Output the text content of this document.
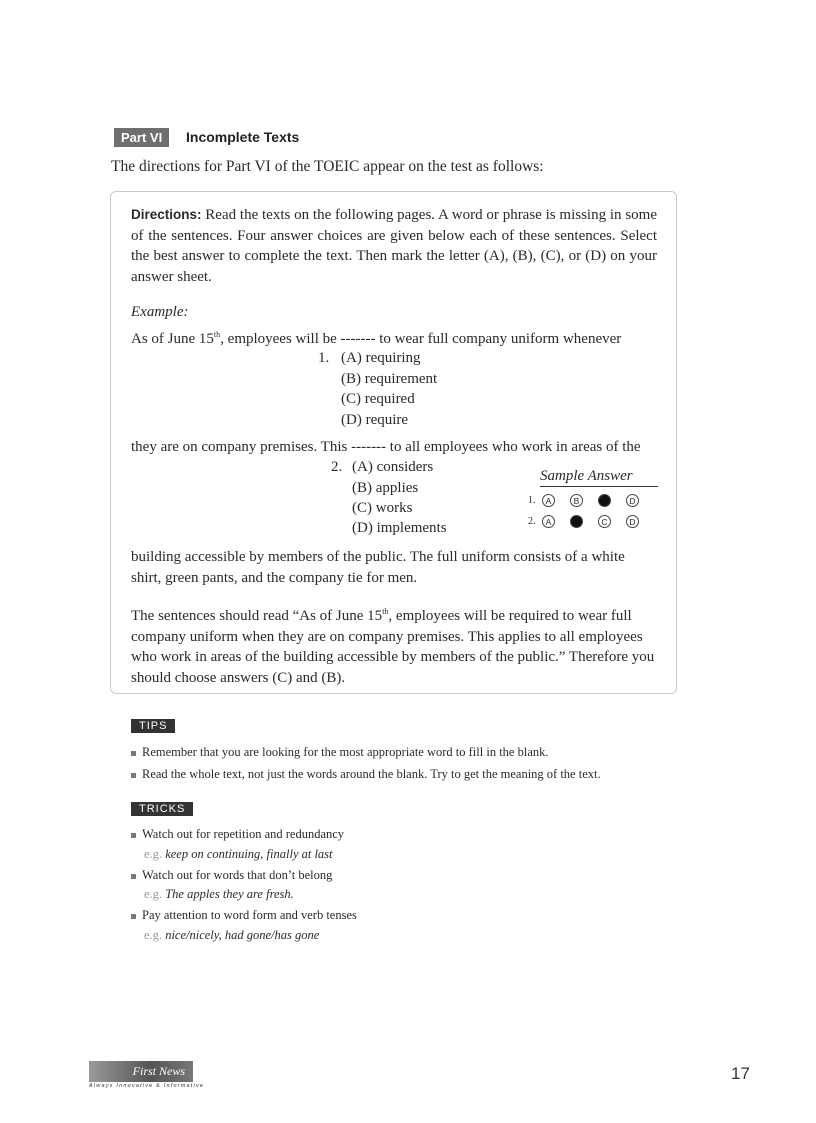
Part VI	Incomplete Texts
The directions for Part VI of the TOEIC appear on the test as follows:
Directions: Read the texts on the following pages. A word or phrase is missing in some of the sentences. Four answer choices are given below each of these sentences. Select the best answer to complete the text. Then mark the letter (A), (B), (C), or (D) on your answer sheet.
Example:
As of June 15th, employees will be ------- to wear full company uniform whenever
1. (A) requiring
(B) requirement
(C) required
(D) require
they are on company premises. This ------- to all employees who work in areas of the
2. (A) considers
(B) applies
(C) works
(D) implements
Sample Answer
1.	A	B	C	D
2.	A	B	C	D
building accessible by members of the public. The full uniform consists of a white shirt, green pants, and the company tie for men.
The sentences should read “As of June 15th, employees will be required to wear full company uniform when they are on company premises. This applies to all employees who work in areas of the building accessible by members of the public.” Therefore you should choose answers (C) and (B).
TIPS
Remember that you are looking for the most appropriate word to fill in the blank.
Read the whole text, not just the words around the blank. Try to get the meaning of the text.
TRICKS
Watch out for repetition and redundancy
e.g. keep on continuing, finally at last
Watch out for words that don’t belong
e.g. The apples they are fresh.
Pay attention to word form and verb tenses
e.g. nice/nicely, had gone/has gone
First News
Always Innovative & Informative
17
